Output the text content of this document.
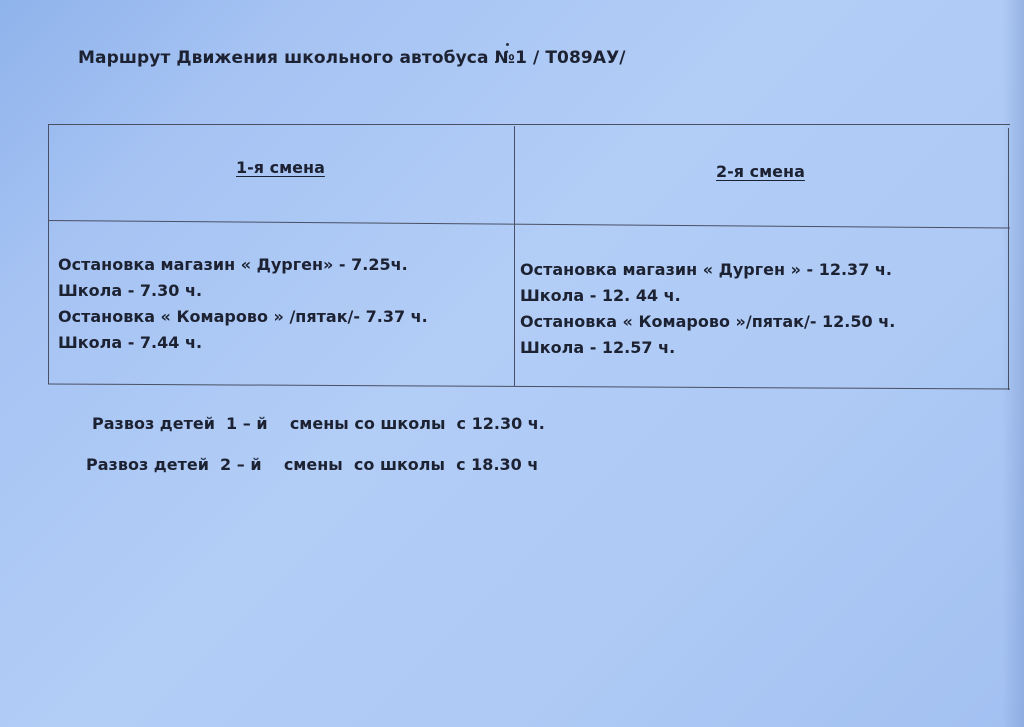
Маршрут Движения школьного автобуса №1 / Т089АУ/
1-я смена	2-я смена
Остановка магазин « Дурген» - 7.25ч.
Школа - 7.30 ч.
Остановка « Комарово » /пятак/- 7.37 ч.
Школа - 7.44 ч.
Остановка магазин « Дурген » - 12.37 ч.
Школа - 12. 44 ч.
Остановка « Комарово »/пятак/- 12.50 ч.
Школа - 12.57 ч.
Развоз детей  1 – й    смены со школы  с 12.30 ч.
Развоз детей  2 – й    смены  со школы  с 18.30 ч
